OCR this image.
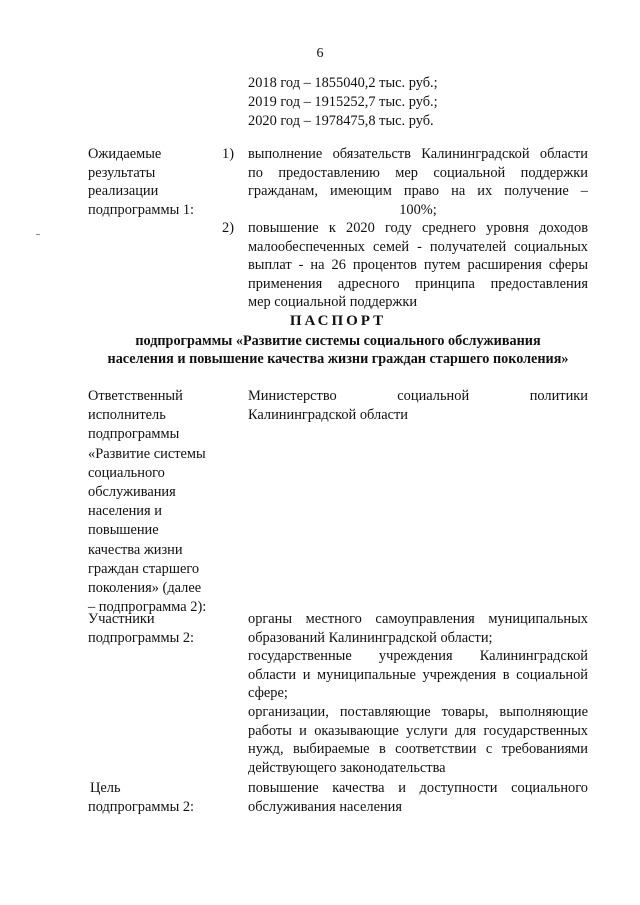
6
2018 год – 1855040,2 тыс. руб.;
2019 год – 1915252,7 тыс. руб.;
2020 год – 1978475,8 тыс. руб.
Ожидаемые
результаты
реализации
подпрограммы 1:
1) выполнение обязательств Калининградской области
по предоставлению мер социальной поддержки
гражданам, имеющим право на их получение –
100%;
2) повышение к 2020 году среднего уровня доходов
малообеспеченных семей - получателей социальных
выплат - на 26 процентов путем расширения сферы
применения адресного принципа предоставления
мер социальной поддержки
ПАСПОРТ
подпрограммы «Развитие системы социального обслуживания
населения и повышение качества жизни граждан старшего поколения»
Ответственный
исполнитель
подпрограммы
«Развитие системы
социального
обслуживания
населения и
повышение
качества жизни
граждан старшего
поколения» (далее
– подпрограмма 2):
Министерство социальной политики
Калининградской области
Участники
подпрограммы 2:
органы местного самоуправления муниципальных
образований Калининградской области;
государственные учреждения Калининградской
области и муниципальные учреждения в социальной
сфере;
организации, поставляющие товары, выполняющие
работы и оказывающие услуги для государственных
нужд, выбираемые в соответствии с требованиями
действующего законодательства
Цель
подпрограммы 2:
повышение качества и доступности социального
обслуживания населения
